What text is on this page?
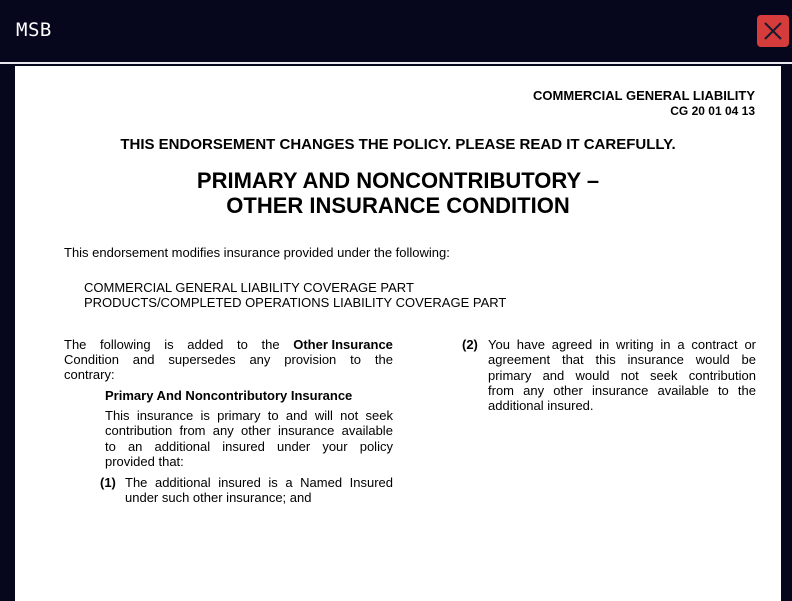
MSB
COMMERCIAL GENERAL LIABILITY
CG 20 01 04 13
THIS ENDORSEMENT CHANGES THE POLICY. PLEASE READ IT CAREFULLY.
PRIMARY AND NONCONTRIBUTORY –
OTHER INSURANCE CONDITION
This endorsement modifies insurance provided under the following:
COMMERCIAL GENERAL LIABILITY COVERAGE PART
PRODUCTS/COMPLETED OPERATIONS LIABILITY COVERAGE PART
The following is added to the Other Insurance
Condition and supersedes any provision to the
contrary:
Primary And Noncontributory Insurance
This insurance is primary to and will not seek
contribution from any other insurance available
to an additional insured under your policy
provided that:
(1) The additional insured is a Named Insured
under such other insurance; and
(2) You have agreed in writing in a contract or
agreement that this insurance would be
primary and would not seek contribution
from any other insurance available to the
additional insured.
